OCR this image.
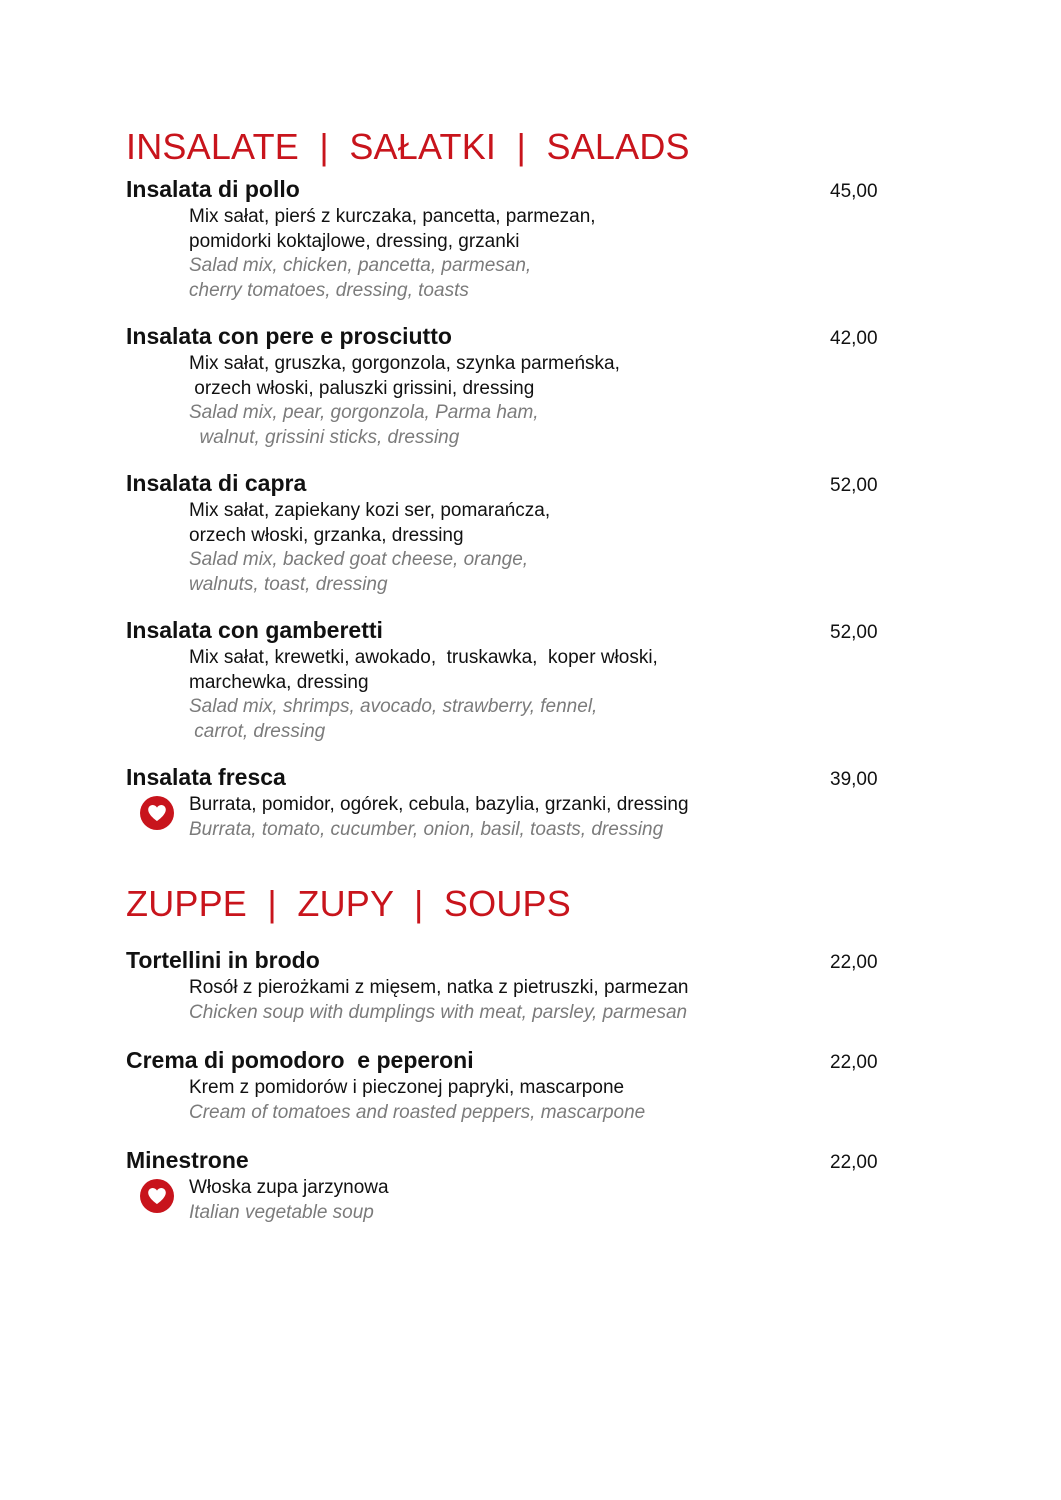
INSALATE  |  SAŁATKI  |  SALADS
Insalata di pollo	45,00
Mix sałat, pierś z kurczaka, pancetta, parmezan,
pomidorki koktajlowe, dressing, grzanki
Salad mix, chicken, pancetta, parmesan,
cherry tomatoes, dressing, toasts
Insalata con pere e prosciutto	42,00
Mix sałat, gruszka, gorgonzola, szynka parmeńska,
orzech włoski, paluszki grissini, dressing
Salad mix, pear, gorgonzola, Parma ham,
walnut, grissini sticks, dressing
Insalata di capra	52,00
Mix sałat, zapiekany kozi ser, pomarańcza,
orzech włoski, grzanka, dressing
Salad mix, backed goat cheese, orange,
walnuts, toast, dressing
Insalata con gamberetti	52,00
Mix sałat, krewetki, awokado,  truskawka,  koper włoski,
marchewka, dressing
Salad mix, shrimps, avocado, strawberry, fennel,
carrot, dressing
Insalata fresca	39,00
Burrata, pomidor, ogórek, cebula, bazylia, grzanki, dressing
Burrata, tomato, cucumber, onion, basil, toasts, dressing
ZUPPE  |  ZUPY  |  SOUPS
Tortellini in brodo	22,00
Rosół z pierożkami z mięsem, natka z pietruszki, parmezan
Chicken soup with dumplings with meat, parsley, parmesan
Crema di pomodoro  e peperoni	22,00
Krem z pomidorów i pieczonej papryki, mascarpone
Cream of tomatoes and roasted peppers, mascarpone
Minestrone	22,00
Włoska zupa jarzynowa
Italian vegetable soup
